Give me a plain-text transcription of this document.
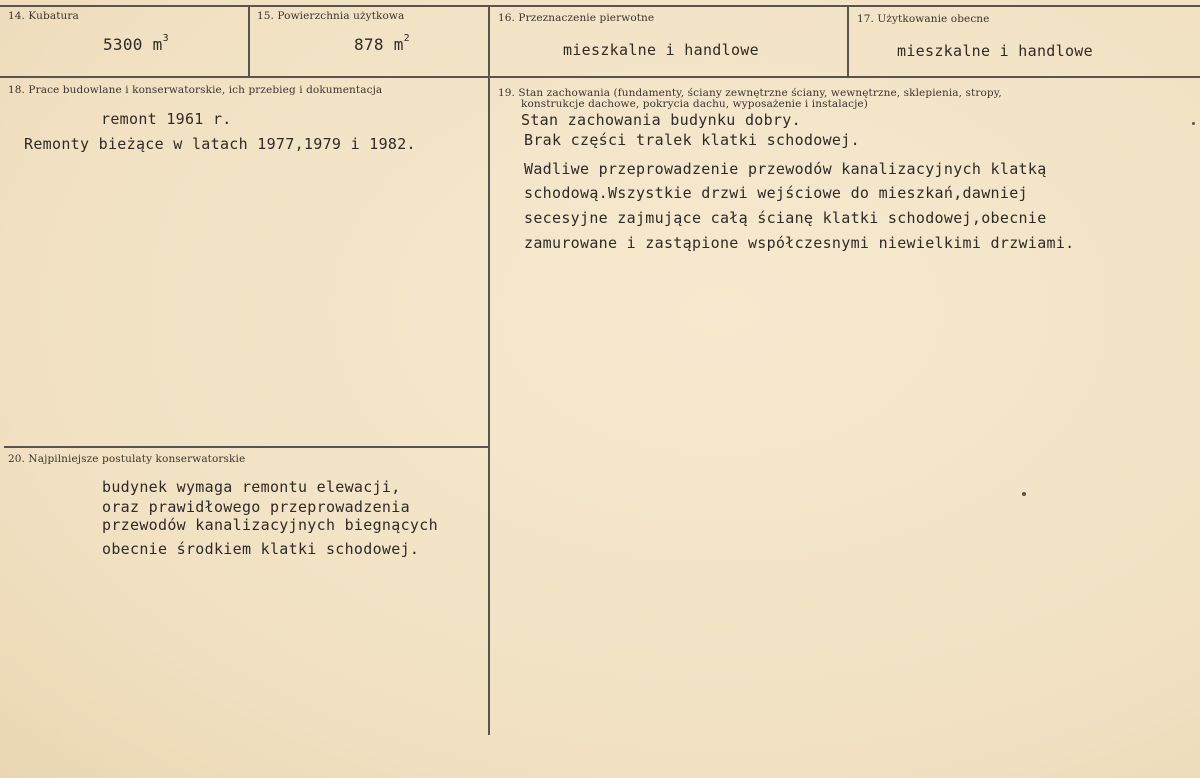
14. Kubatura
5300 $m^3$
15. Powierzchnia użytkowa
878 $m^2$
16. Przeznaczenie pierwotne
mieszkalne i handlowe
17. Użytkowanie obecne
mieszkalne i handlowe
18. Prace budowlane i konserwatorskie, ich przebieg i dokumentacja
remont 1961 r.
Remonty bieżące w latach 1977,1979 i 1982.
19. Stan zachowania (fundamenty, ściany zewnętrzne ściany, wewnętrzne, sklepienia, stropy,
konstrukcje dachowe, pokrycia dachu, wyposażenie i instalacje)
Stan zachowania budynku dobry.
Brak części tralek klatki schodowej.
Wadliwe przeprowadzenie przewodów kanalizacyjnych klatką
schodową.Wszystkie drzwi wejściowe do mieszkań,dawniej
secesyjne zajmujące całą ścianę klatki schodowej,obecnie
zamurowane i zastąpione współczesnymi niewielkimi drzwiami.
20. Najpilniejsze postulaty konserwatorskie
budynek wymaga remontu elewacji,
oraz prawidłowego przeprowadzenia
przewodów kanalizacyjnych biegnących
obecnie środkiem klatki schodowej.
